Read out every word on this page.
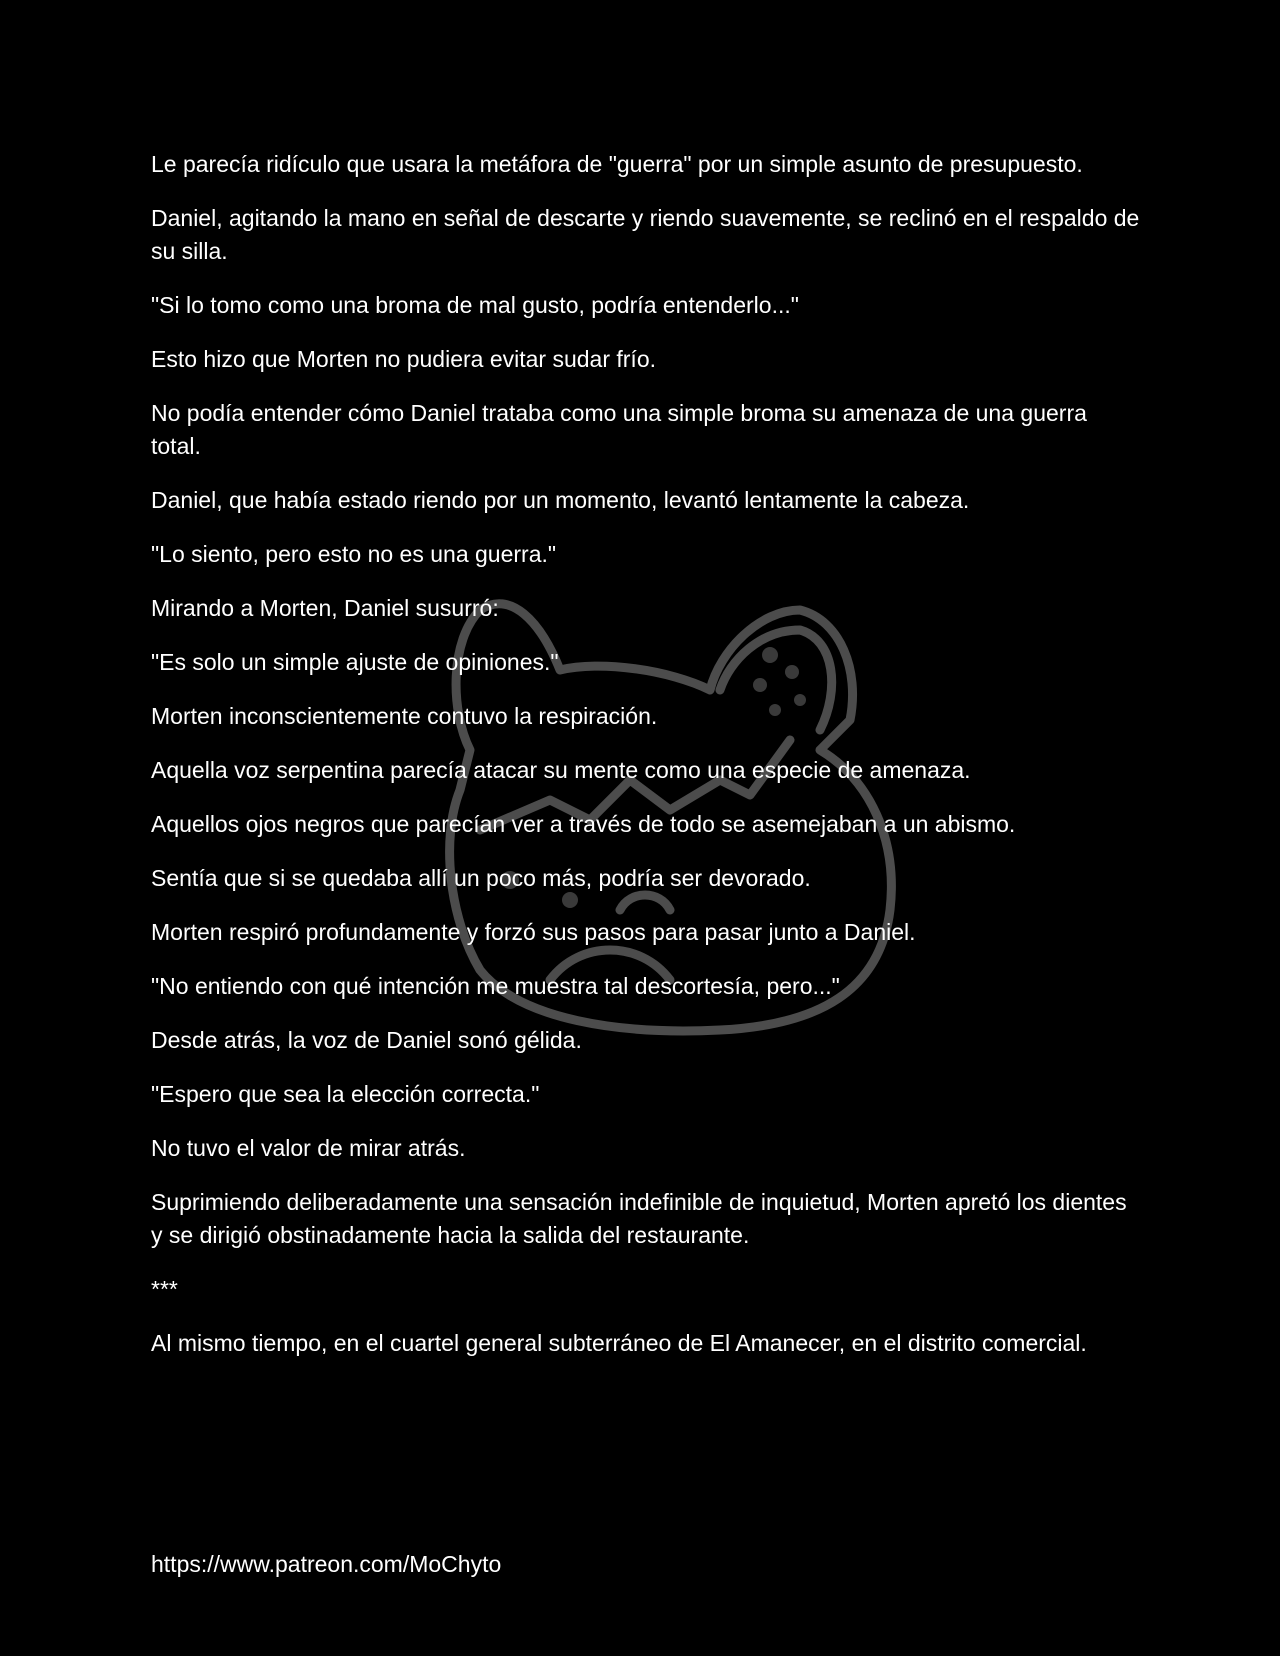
Le parecía ridículo que usara la metáfora de "guerra" por un simple asunto de presupuesto.

Daniel, agitando la mano en señal de descarte y riendo suavemente, se reclinó en el respaldo de su silla.

"Si lo tomo como una broma de mal gusto, podría entenderlo..."

Esto hizo que Morten no pudiera evitar sudar frío.

No podía entender cómo Daniel trataba como una simple broma su amenaza de una guerra total.

Daniel, que había estado riendo por un momento, levantó lentamente la cabeza.

"Lo siento, pero esto no es una guerra."

Mirando a Morten, Daniel susurró:

"Es solo un simple ajuste de opiniones."

Morten inconscientemente contuvo la respiración.

Aquella voz serpentina parecía atacar su mente como una especie de amenaza.

Aquellos ojos negros que parecían ver a través de todo se asemejaban a un abismo.

Sentía que si se quedaba allí un poco más, podría ser devorado.

Morten respiró profundamente y forzó sus pasos para pasar junto a Daniel.

"No entiendo con qué intención me muestra tal descortesía, pero..."

Desde atrás, la voz de Daniel sonó gélida.

"Espero que sea la elección correcta."

No tuvo el valor de mirar atrás.

Suprimiendo deliberadamente una sensación indefinible de inquietud, Morten apretó los dientes y se dirigió obstinadamente hacia la salida del restaurante.

***

Al mismo tiempo, en el cuartel general subterráneo de El Amanecer, en el distrito comercial.

https://www.patreon.com/MoChyto
